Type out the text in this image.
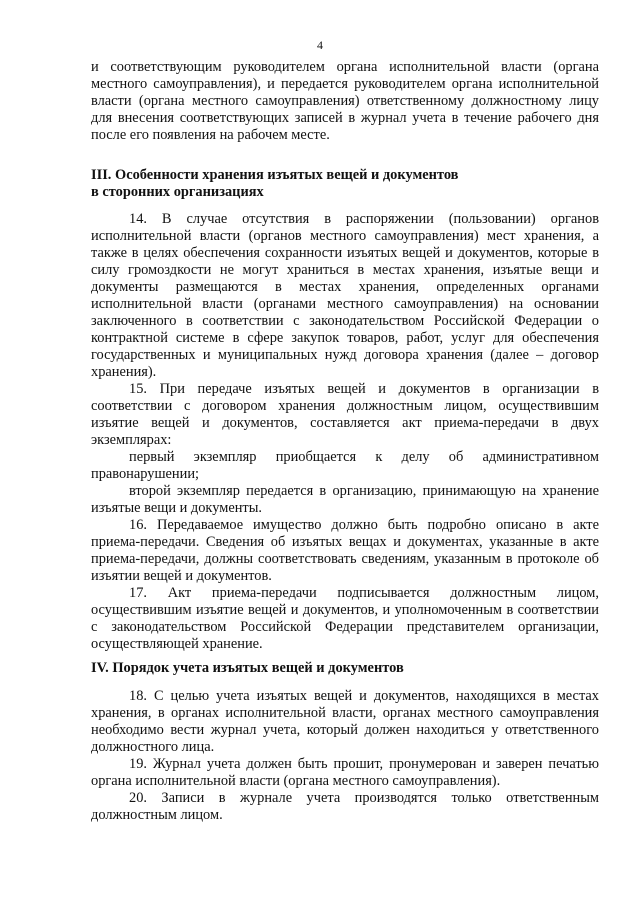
4

и соответствующим руководителем органа исполнительной власти (органа местного самоуправления), и передается руководителем органа исполнительной власти (органа местного самоуправления) ответственному должностному лицу для внесения соответствующих записей в журнал учета в течение рабочего дня после его появления на рабочем месте.

III. Особенности хранения изъятых вещей и документов
в сторонних организациях

14. В случае отсутствия в распоряжении (пользовании) органов исполнительной власти (органов местного самоуправления) мест хранения, а также в целях обеспечения сохранности изъятых вещей и документов, которые в силу громоздкости не могут храниться в местах хранения, изъятые вещи и документы размещаются в местах хранения, определенных органами исполнительной власти (органами местного самоуправления) на основании заключенного в соответствии с законодательством Российской Федерации о контрактной системе в сфере закупок товаров, работ, услуг для обеспечения государственных и муниципальных нужд договора хранения (далее – договор хранения).

15. При передаче изъятых вещей и документов в организации в соответствии с договором хранения должностным лицом, осуществившим изъятие вещей и документов, составляется акт приема-передачи в двух экземплярах:

первый экземпляр приобщается к делу об административном правонарушении;

второй экземпляр передается в организацию, принимающую на хранение изъятые вещи и документы.

16. Передаваемое имущество должно быть подробно описано в акте приема-передачи. Сведения об изъятых вещах и документах, указанные в акте приема-передачи, должны соответствовать сведениям, указанным в протоколе об изъятии вещей и документов.

17. Акт приема-передачи подписывается должностным лицом, осуществившим изъятие вещей и документов, и уполномоченным в соответствии с законодательством Российской Федерации представителем организации, осуществляющей хранение.

IV. Порядок учета изъятых вещей и документов

18. С целью учета изъятых вещей и документов, находящихся в местах хранения, в органах исполнительной власти, органах местного самоуправления необходимо вести журнал учета, который должен находиться у ответственного должностного лица.

19. Журнал учета должен быть прошит, пронумерован и заверен печатью органа исполнительной власти (органа местного самоуправления).

20. Записи в журнале учета производятся только ответственным должностным лицом.
